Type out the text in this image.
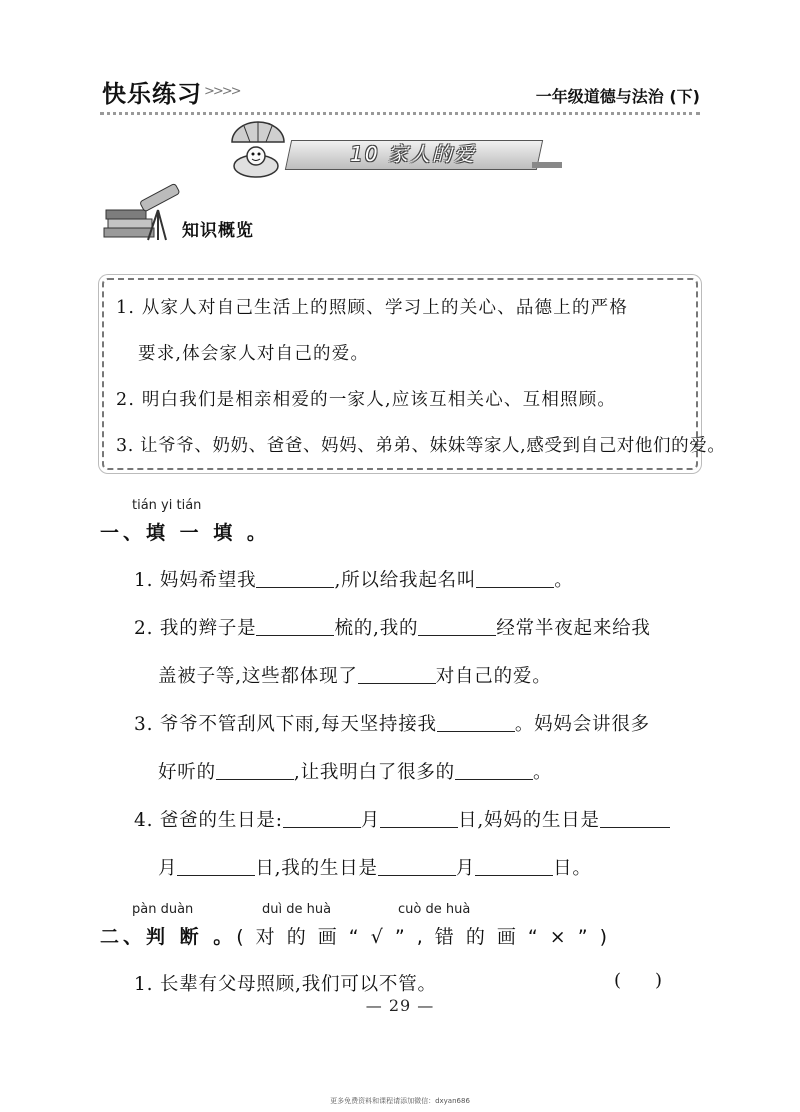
快乐练习 >>>>	一年级道德与法治 (下)
10 家人的爱
知识概览
1. 从家人对自己生活上的照顾、学习上的关心、品德上的严格
要求,体会家人对自己的爱。
2. 明白我们是相亲相爱的一家人,应该互相关心、互相照顾。
3. 让爷爷、奶奶、爸爸、妈妈、弟弟、妹妹等家人,感受到自己对他们的爱。
tián yi tián
一、填 一 填 。
1. 妈妈希望我	,所以给我起名叫	。
2. 我的辫子是	梳的,我的	经常半夜起来给我
盖被子等,这些都体现了	对自己的爱。
3. 爷爷不管刮风下雨,每天坚持接我	。妈妈会讲很多
好听的	,让我明白了很多的	。
4. 爸爸的生日是:	月	日,妈妈的生日是
月	日,我的生日是	月	日。
pàn duàn	duì de huà	cuò de huà
二、判 断 。( 对 的 画 “ √ ” , 错 的 画 “ × ” )
1. 长辈有父母照顾,我们可以不管。	()
— 29 —
更多免费资料和课程请添加微信：dxyan686
